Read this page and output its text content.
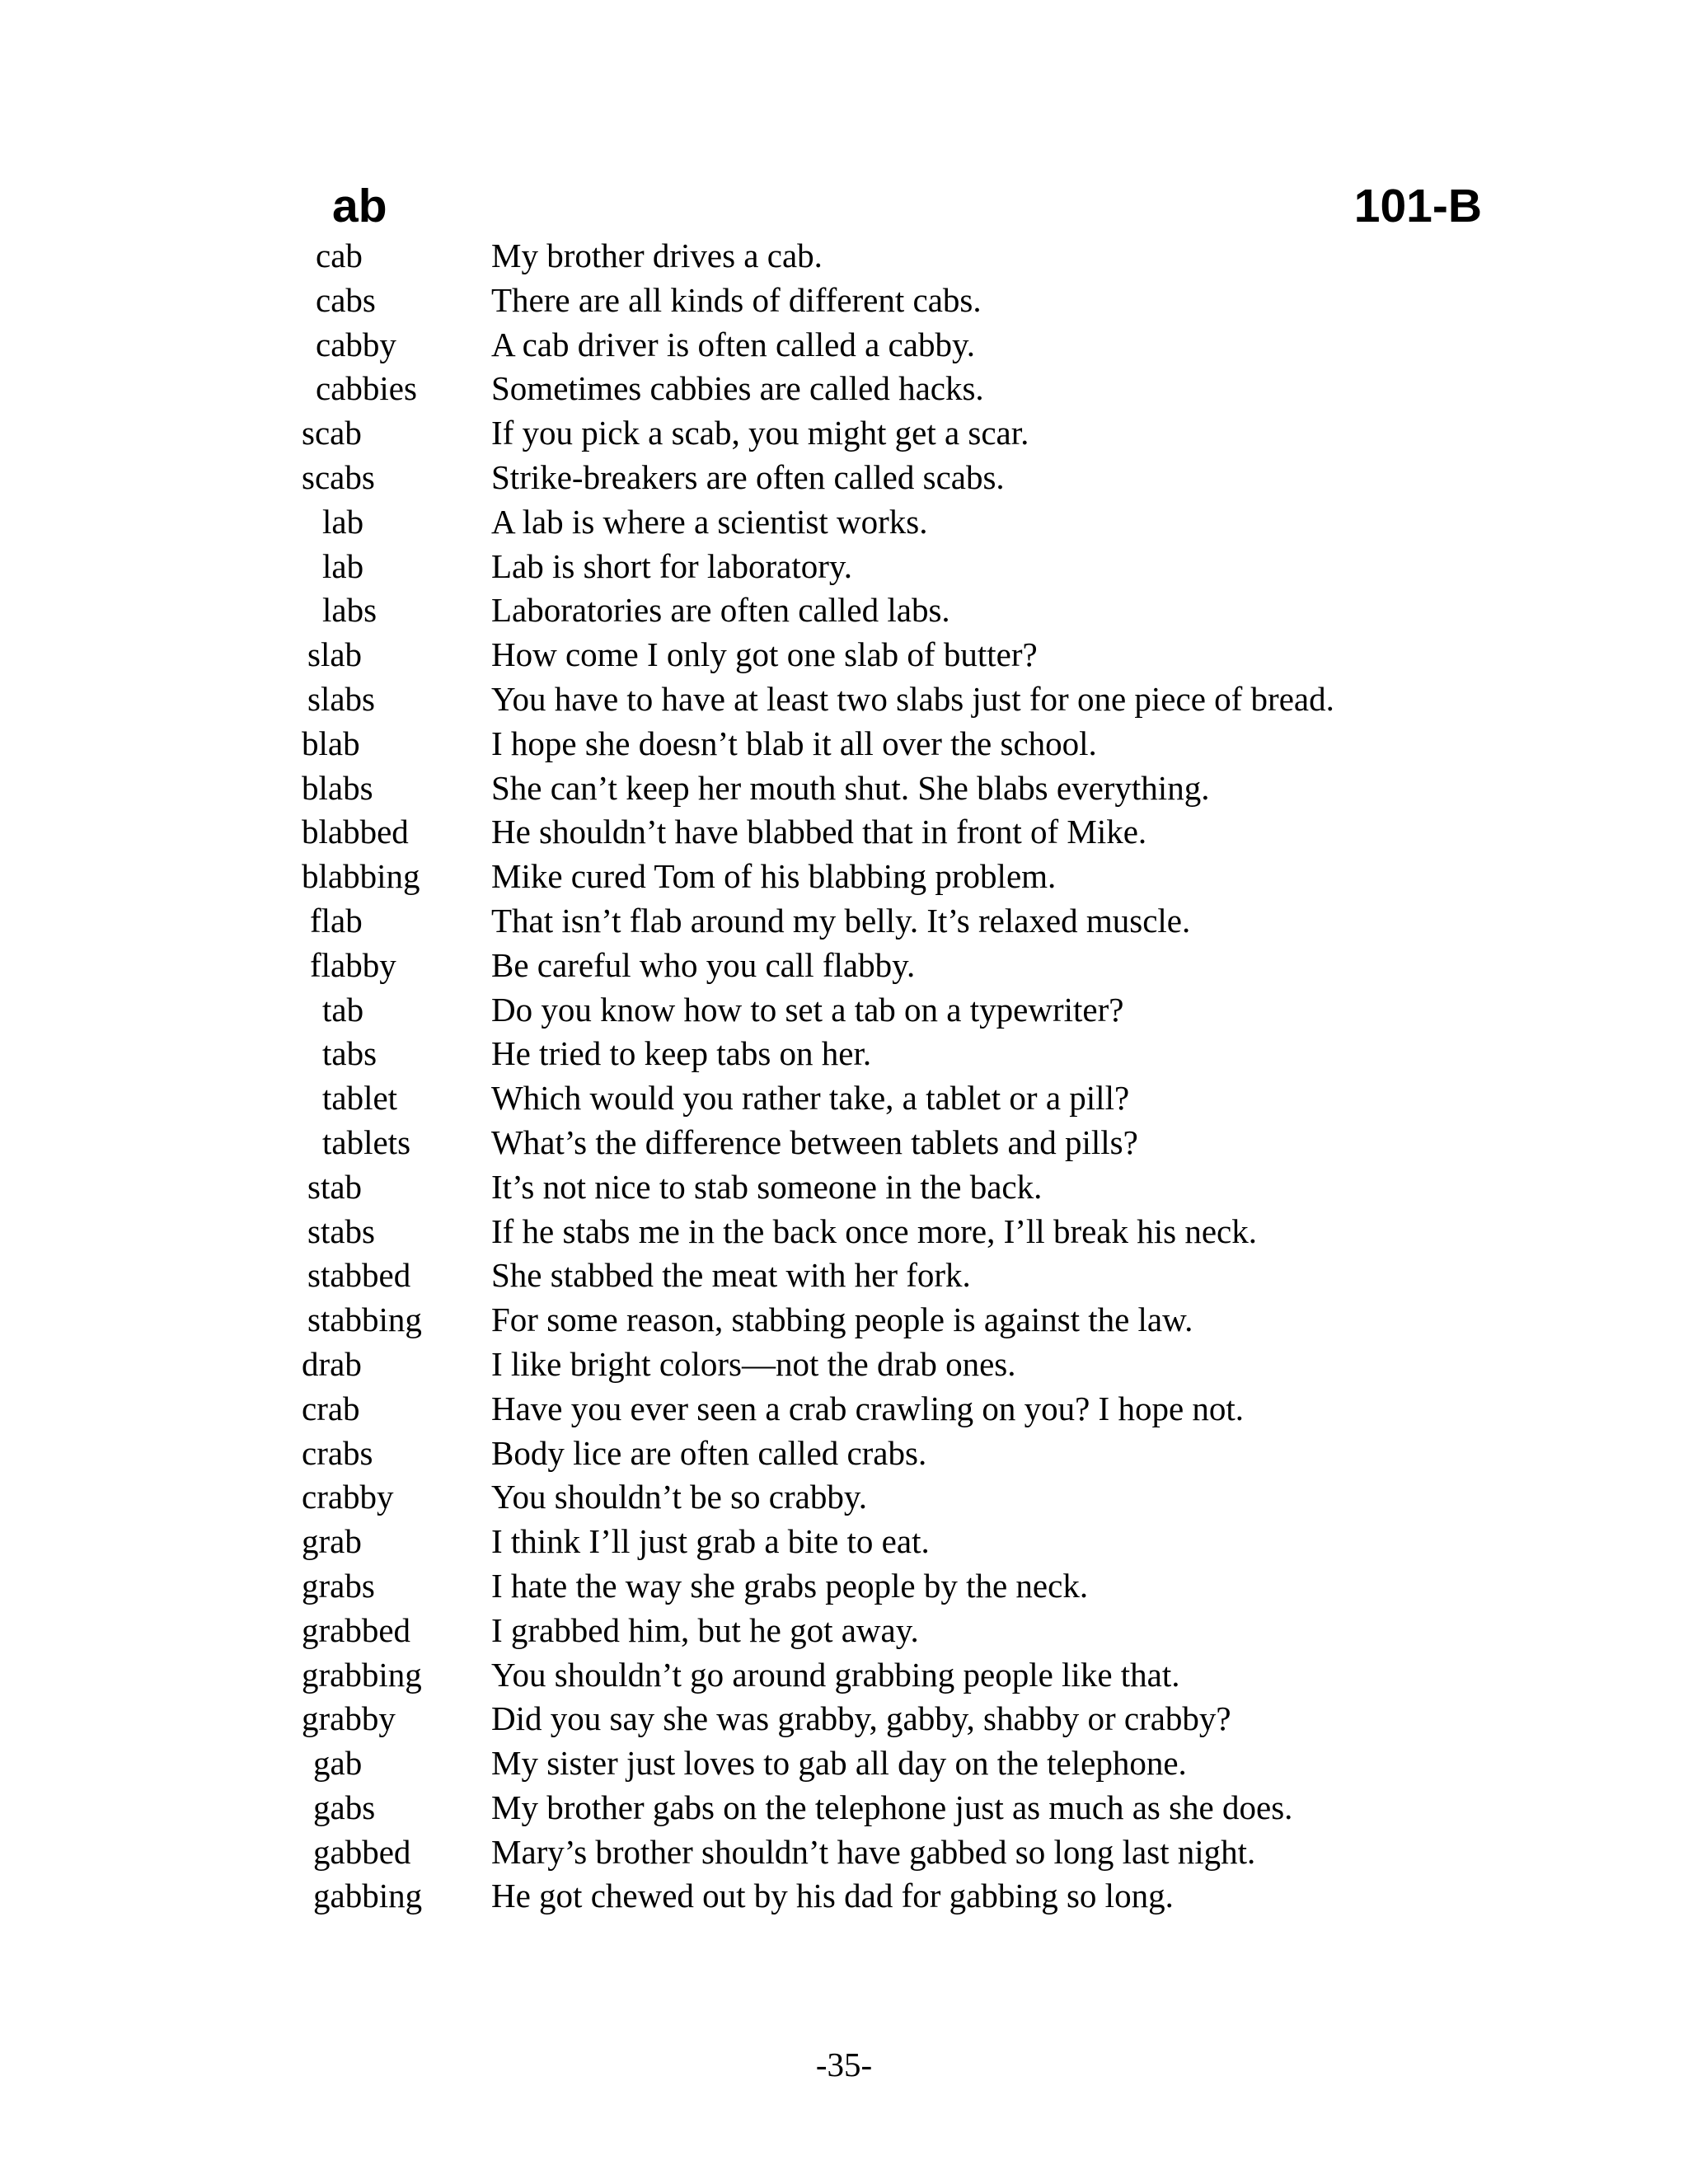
ab	101-B
cab	My brother drives a cab.
cabs	There are all kinds of different cabs.
cabby	A cab driver is often called a cabby.
cabbies Sometimes cabbies are called hacks.
scab	If you pick a scab, you might get a scar.
scabs	Strike-breakers are often called scabs.
lab	A lab is where a scientist works.
lab	Lab is short for laboratory.
labs	Laboratories are often called labs.
slab	How come I only got one slab of butter?
slabs	You have to have at least two slabs just for one piece of bread.
blab	I hope she doesn’t blab it all over the school.
blabs	She can’t keep her mouth shut. She blabs everything.
blabbed He shouldn’t have blabbed that in front of Mike.
blabbing Mike cured Tom of his blabbing problem.
flab	That isn’t flab around my belly. It’s relaxed muscle.
flabby	Be careful who you call flabby.
tab	Do you know how to set a tab on a typewriter?
tabs	He tried to keep tabs on her.
tablet	Which would you rather take, a tablet or a pill?
tablets What’s the difference between tablets and pills?
stab	It’s not nice to stab someone in the back.
stabs	If he stabs me in the back once more, I’ll break his neck.
stabbed She stabbed the meat with her fork.
stabbing For some reason, stabbing people is against the law.
drab	I like bright colors—not the drab ones.
crab	Have you ever seen a crab crawling on you? I hope not.
crabs	Body lice are often called crabs.
crabby	You shouldn’t be so crabby.
grab	I think I’ll just grab a bite to eat.
grabs	I hate the way she grabs people by the neck.
grabbed I grabbed him, but he got away.
grabbing You shouldn’t go around grabbing people like that.
grabby	Did you say she was grabby, gabby, shabby or crabby?
gab	My sister just loves to gab all day on the telephone.
gabs	My brother gabs on the telephone just as much as she does.
gabbed Mary’s brother shouldn’t have gabbed so long last night.
gabbing He got chewed out by his dad for gabbing so long.
-35-
